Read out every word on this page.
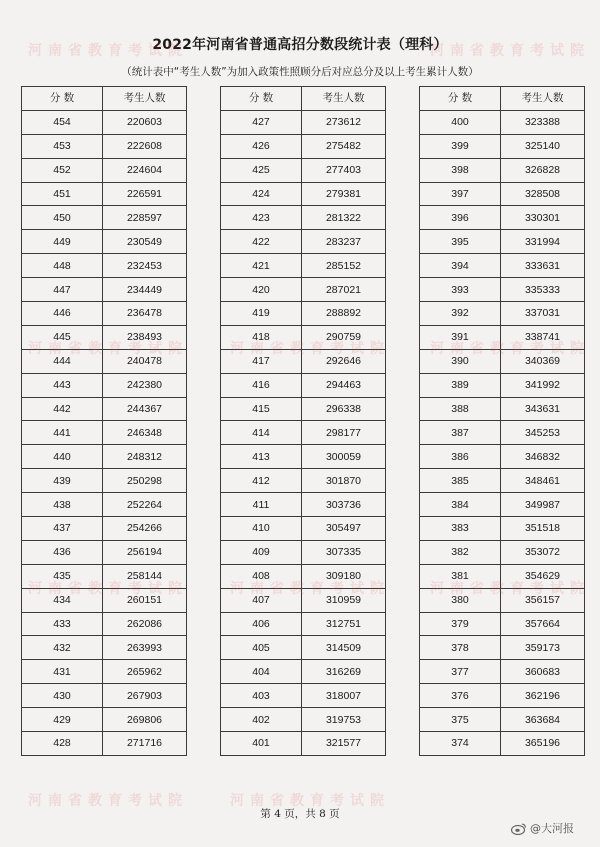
2022年河南省普通高招分数段统计表（理科）
（统计表中“考生人数”为加入政策性照顾分后对应总分及以上考生累计人数）
分 数	考生人数
454	220603
453	222608
452	224604
451	226591
450	228597
449	230549
448	232453
447	234449
446	236478
445	238493
444	240478
443	242380
442	244367
441	246348
440	248312
439	250298
438	252264
437	254266
436	256194
435	258144
434	260151
433	262086
432	263993
431	265962
430	267903
429	269806
428	271716
分 数	考生人数
427	273612
426	275482
425	277403
424	279381
423	281322
422	283237
421	285152
420	287021
419	288892
418	290759
417	292646
416	294463
415	296338
414	298177
413	300059
412	301870
411	303736
410	305497
409	307335
408	309180
407	310959
406	312751
405	314509
404	316269
403	318007
402	319753
401	321577
分 数	考生人数
400	323388
399	325140
398	326828
397	328508
396	330301
395	331994
394	333631
393	335333
392	337031
391	338741
390	340369
389	341992
388	343631
387	345253
386	346832
385	348461
384	349987
383	351518
382	353072
381	354629
380	356157
379	357664
378	359173
377	360683
376	362196
375	363684
374	365196
河南省教育考试院	河南省教育考试院
河南省教育考试院	河南省教育考试院	河南省教育考试院
河南省教育考试院	河南省教育考试院	河南省教育考试院
河南省教育考试院	河南省教育考试院
第 4 页，共 8 页
@大河报
